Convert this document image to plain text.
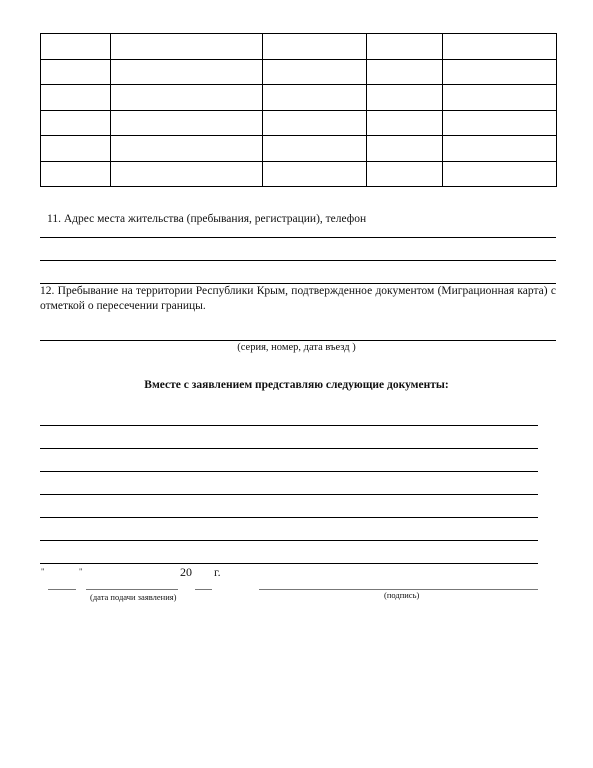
11. Адрес места жительства (пребывания, регистрации), телефон
12. Пребывание на территории Республики Крым, подтвержденное документом (Миграционная карта) с отметкой о пересечении границы.
(серия, номер, дата въезд )
Вместе с заявлением представляю следующие документы:
"	"	20 г.
(дата подачи заявления)	(подпись)
